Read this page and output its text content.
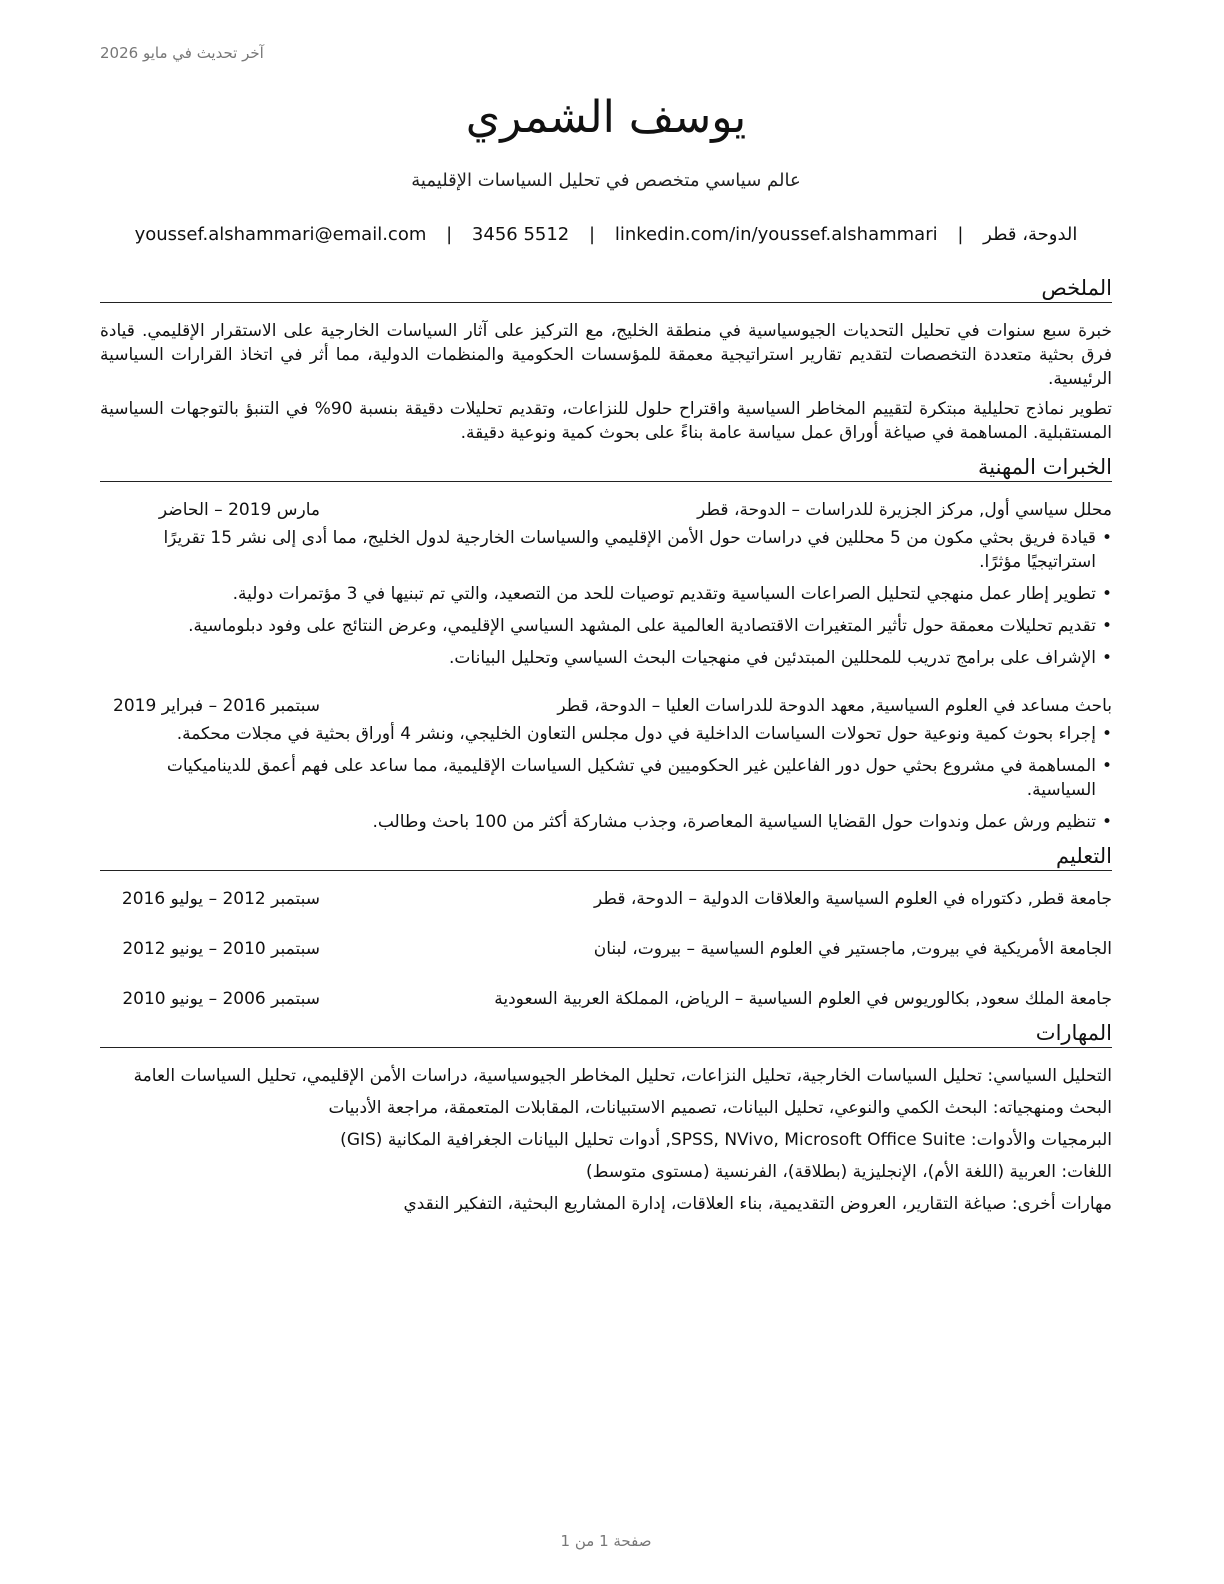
آخر تحديث في مايو 2026
يوسف الشمري
عالم سياسي متخصص في تحليل السياسات الإقليمية
الدوحة، قطر | youssef.alshammari@email.com | 3456 5512 | linkedin.com/in/youssef.alshammari
الملخص

خبرة سبع سنوات في تحليل التحديات الجيوسياسية في منطقة الخليج، مع التركيز على آثار السياسات الخارجية على الاستقرار الإقليمي. قيادة فرق بحثية متعددة التخصصات لتقديم تقارير استراتيجية معمقة للمؤسسات الحكومية والمنظمات الدولية، مما أثر في اتخاذ القرارات السياسية الرئيسية.

تطوير نماذج تحليلية مبتكرة لتقييم المخاطر السياسية واقتراح حلول للنزاعات، وتقديم تحليلات دقيقة بنسبة 90% في التنبؤ بالتوجهات السياسية المستقبلية. المساهمة في صياغة أوراق عمل سياسة عامة بناءً على بحوث كمية ونوعية دقيقة.

الخبرات المهنية
محلل سياسي أول, مركز الجزيرة للدراسات – الدوحة، قطر
مارس 2019 – الحاضر
• قيادة فريق بحثي مكون من 5 محللين في دراسات حول الأمن الإقليمي والسياسات الخارجية لدول الخليج، مما أدى إلى نشر 15 تقريرًا استراتيجيًا مؤثرًا.
• تطوير إطار عمل منهجي لتحليل الصراعات السياسية وتقديم توصيات للحد من التصعيد، والتي تم تبنيها في 3 مؤتمرات دولية.
• تقديم تحليلات معمقة حول تأثير المتغيرات الاقتصادية العالمية على المشهد السياسي الإقليمي، وعرض النتائج على وفود دبلوماسية.
• الإشراف على برامج تدريب للمحللين المبتدئين في منهجيات البحث السياسي وتحليل البيانات.
باحث مساعد في العلوم السياسية, معهد الدوحة للدراسات العليا – الدوحة، قطر
سبتمبر 2016 – فبراير 2019
• إجراء بحوث كمية ونوعية حول تحولات السياسات الداخلية في دول مجلس التعاون الخليجي، ونشر 4 أوراق بحثية في مجلات محكمة.
• المساهمة في مشروع بحثي حول دور الفاعلين غير الحكوميين في تشكيل السياسات الإقليمية، مما ساعد على فهم أعمق للديناميكيات السياسية.
• تنظيم ورش عمل وندوات حول القضايا السياسية المعاصرة، وجذب مشاركة أكثر من 100 باحث وطالب.
التعليم
جامعة قطر, دكتوراه في العلوم السياسية والعلاقات الدولية – الدوحة، قطر
سبتمبر 2012 – يوليو 2016
الجامعة الأمريكية في بيروت, ماجستير في العلوم السياسية – بيروت، لبنان
سبتمبر 2010 – يونيو 2012
جامعة الملك سعود, بكالوريوس في العلوم السياسية – الرياض، المملكة العربية السعودية
سبتمبر 2006 – يونيو 2010
المهارات
التحليل السياسي: تحليل السياسات الخارجية، تحليل النزاعات، تحليل المخاطر الجيوسياسية، دراسات الأمن الإقليمي، تحليل السياسات العامة
البحث ومنهجياته: البحث الكمي والنوعي، تحليل البيانات، تصميم الاستبيانات، المقابلات المتعمقة، مراجعة الأدبيات
البرمجيات والأدوات: SPSS, NVivo, Microsoft Office Suite, أدوات تحليل البيانات الجغرافية المكانية (GIS)
اللغات: العربية (اللغة الأم)، الإنجليزية (بطلاقة)، الفرنسية (مستوى متوسط)
مهارات أخرى: صياغة التقارير، العروض التقديمية، بناء العلاقات، إدارة المشاريع البحثية، التفكير النقدي
صفحة 1 من 1
